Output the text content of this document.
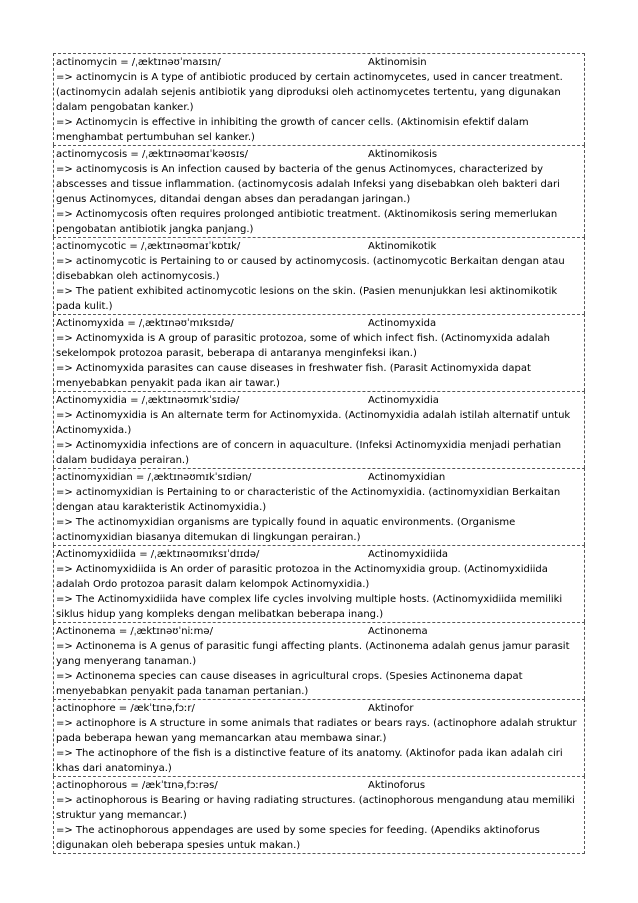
actinomycin = /ˌæktɪnəʊˈmaɪsɪn/	Aktinomisin
=> actinomycin is A type of antibiotic produced by certain actinomycetes, used in cancer treatment. (actinomycin adalah sejenis antibiotik yang diproduksi oleh actinomycetes tertentu, yang digunakan dalam pengobatan kanker.)
=> Actinomycin is effective in inhibiting the growth of cancer cells. (Aktinomisin efektif dalam menghambat pertumbuhan sel kanker.)
actinomycosis = /ˌæktɪnəʊmaɪˈkəʊsɪs/	Aktinomikosis
=> actinomycosis is An infection caused by bacteria of the genus Actinomyces, characterized by abscesses and tissue inflammation. (actinomycosis adalah Infeksi yang disebabkan oleh bakteri dari genus Actinomyces, ditandai dengan abses dan peradangan jaringan.)
=> Actinomycosis often requires prolonged antibiotic treatment. (Aktinomikosis sering memerlukan pengobatan antibiotik jangka panjang.)
actinomycotic = /ˌæktɪnəʊmaɪˈkɒtɪk/	Aktinomikotik
=> actinomycotic is Pertaining to or caused by actinomycosis. (actinomycotic Berkaitan dengan atau disebabkan oleh actinomycosis.)
=> The patient exhibited actinomycotic lesions on the skin. (Pasien menunjukkan lesi aktinomikotik pada kulit.)
Actinomyxida = /ˌæktɪnəʊˈmɪksɪdə/	Actinomyxida
=> Actinomyxida is A group of parasitic protozoa, some of which infect fish. (Actinomyxida adalah sekelompok protozoa parasit, beberapa di antaranya menginfeksi ikan.)
=> Actinomyxida parasites can cause diseases in freshwater fish. (Parasit Actinomyxida dapat menyebabkan penyakit pada ikan air tawar.)
Actinomyxidia = /ˌæktɪnəʊmɪkˈsɪdiə/	Actinomyxidia
=> Actinomyxidia is An alternate term for Actinomyxida. (Actinomyxidia adalah istilah alternatif untuk Actinomyxida.)
=> Actinomyxidia infections are of concern in aquaculture. (Infeksi Actinomyxidia menjadi perhatian dalam budidaya perairan.)
actinomyxidian = /ˌæktɪnəʊmɪkˈsɪdiən/	Actinomyxidian
=> actinomyxidian is Pertaining to or characteristic of the Actinomyxidia. (actinomyxidian Berkaitan dengan atau karakteristik Actinomyxidia.)
=> The actinomyxidian organisms are typically found in aquatic environments. (Organisme actinomyxidian biasanya ditemukan di lingkungan perairan.)
Actinomyxidiida = /ˌæktɪnəʊmɪksɪˈdɪɪdə/	Actinomyxidiida
=> Actinomyxidiida is An order of parasitic protozoa in the Actinomyxidia group. (Actinomyxidiida adalah Ordo protozoa parasit dalam kelompok Actinomyxidia.)
=> The Actinomyxidiida have complex life cycles involving multiple hosts. (Actinomyxidiida memiliki siklus hidup yang kompleks dengan melibatkan beberapa inang.)
Actinonema = /ˌæktɪnəʊˈniːmə/	Actinonema
=> Actinonema is A genus of parasitic fungi affecting plants. (Actinonema adalah genus jamur parasit yang menyerang tanaman.)
=> Actinonema species can cause diseases in agricultural crops. (Spesies Actinonema dapat menyebabkan penyakit pada tanaman pertanian.)
actinophore = /ækˈtɪnəˌfɔːr/	Aktinofor
=> actinophore is A structure in some animals that radiates or bears rays. (actinophore adalah struktur pada beberapa hewan yang memancarkan atau membawa sinar.)
=> The actinophore of the fish is a distinctive feature of its anatomy. (Aktinofor pada ikan adalah ciri khas dari anatominya.)
actinophorous = /ækˈtɪnəˌfɔːrəs/	Aktinoforus
=> actinophorous is Bearing or having radiating structures. (actinophorous mengandung atau memiliki struktur yang memancar.)
=> The actinophorous appendages are used by some species for feeding. (Apendiks aktinoforus digunakan oleh beberapa spesies untuk makan.)
